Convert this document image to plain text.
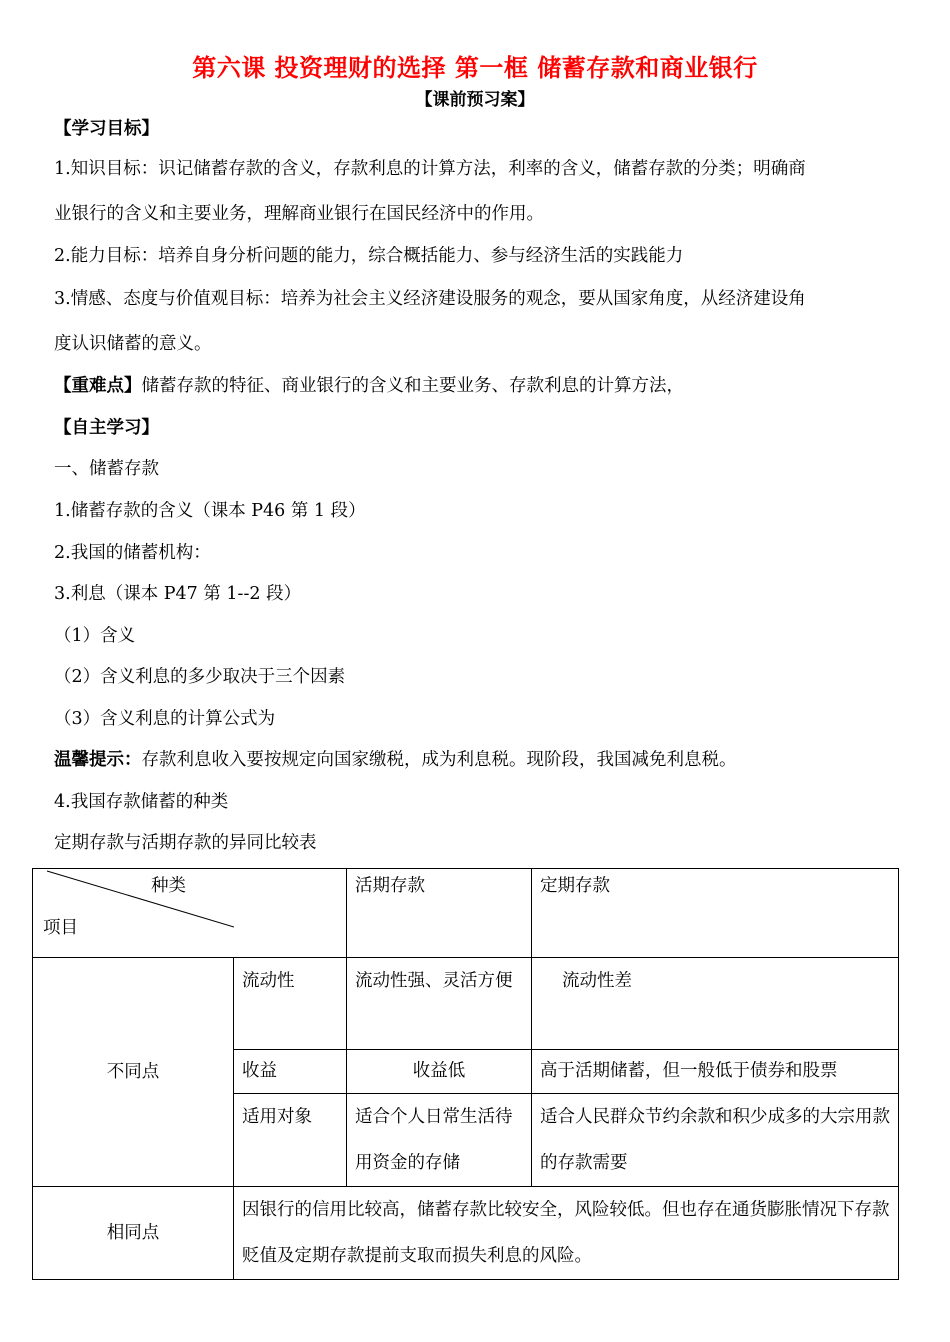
第六课 投资理财的选择 第一框 储蓄存款和商业银行
【课前预习案】
【学习目标】
1.知识目标：识记储蓄存款的含义，存款利息的计算方法，利率的含义，储蓄存款的分类；明确商
业银行的含义和主要业务，理解商业银行在国民经济中的作用。
2.能力目标：培养自身分析问题的能力，综合概括能力、参与经济生活的实践能力
3.情感、态度与价值观目标：培养为社会主义经济建设服务的观念，要从国家角度，从经济建设角
度认识储蓄的意义。
【重难点】储蓄存款的特征、商业银行的含义和主要业务、存款利息的计算方法，
【自主学习】
一、储蓄存款
1.储蓄存款的含义（课本 P46 第 1 段）
2.我国的储蓄机构：
3.利息（课本 P47 第 1--2 段）
（1）含义
（2）含义利息的多少取决于三个因素
（3）含义利息的计算公式为
温馨提示：存款利息收入要按规定向国家缴税，成为利息税。现阶段，我国减免利息税。
4.我国存款储蓄的种类
定期存款与活期存款的异同比较表
种类
项目		活期存款	定期存款

不同点	流动性	流动性强、灵活方便	流动性差

	收益	收益低	高于活期储蓄，但一般低于债券和股票

	适用对象	适合个人日常生活待用资金的存储	适合人民群众节约余款和积少成多的大宗用款的存款需要

相同点	因银行的信用比较高，储蓄存款比较安全，风险较低。但也存在通货膨胀情况下存款贬值及定期存款提前支取而损失利息的风险。		
